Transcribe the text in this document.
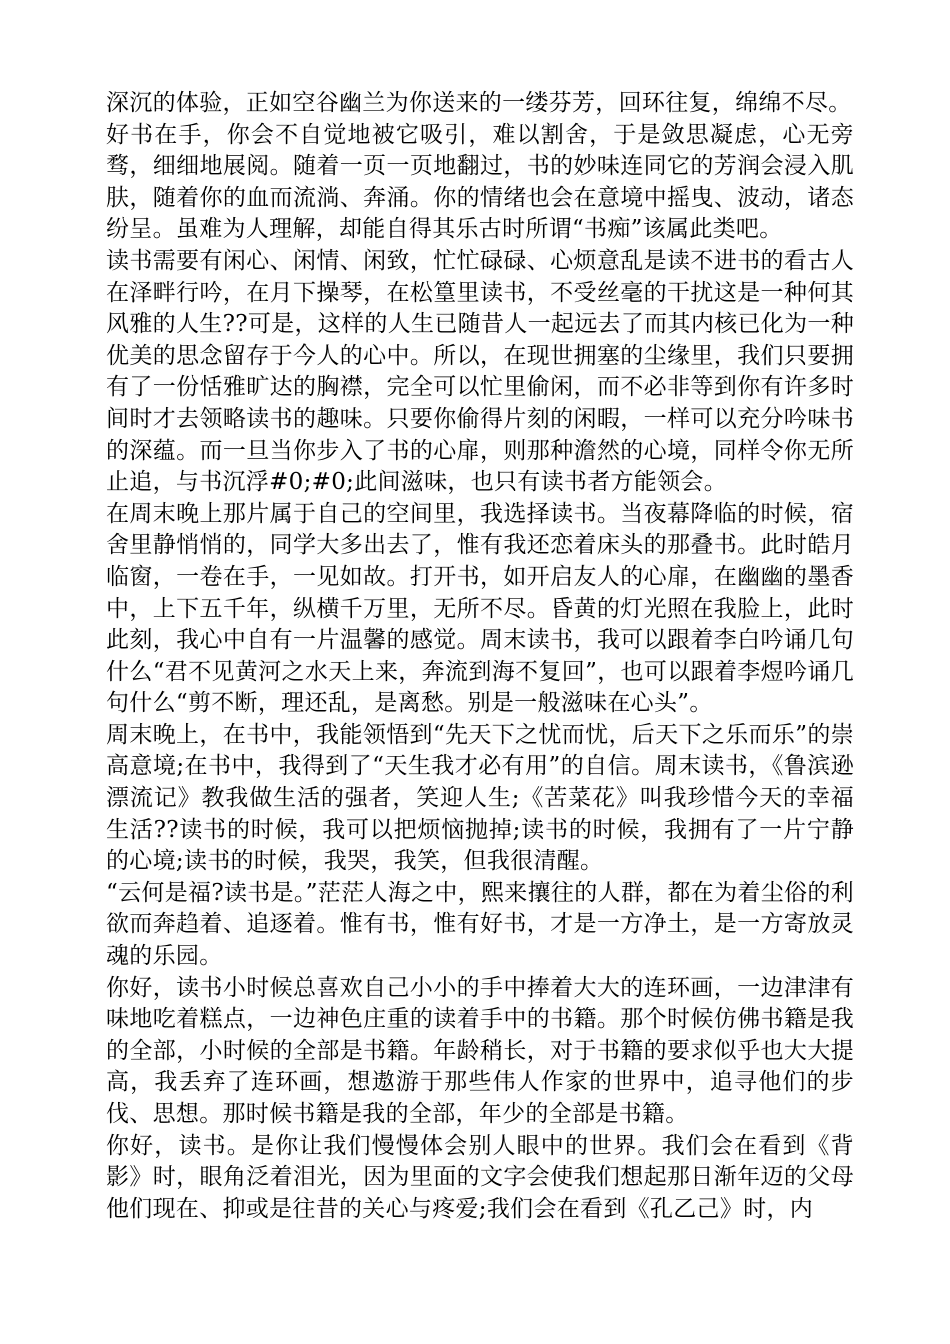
深沉的体验，正如空谷幽兰为你送来的一缕芬芳，回环往复，绵绵不尽。

好书在手，你会不自觉地被它吸引，难以割舍，于是敛思凝虑，心无旁骛，细细地展阅。随着一页一页地翻过，书的妙味连同它的芳润会浸入肌肤，随着你的血而流淌、奔涌。你的情绪也会在意境中摇曳、波动，诸态纷呈。虽难为人理解，却能自得其乐古时所谓“书痴”该属此类吧。

读书需要有闲心、闲情、闲致，忙忙碌碌、心烦意乱是读不进书的看古人在泽畔行吟，在月下操琴，在松篁里读书，不受丝毫的干扰这是一种何其风雅的人生??可是，这样的人生已随昔人一起远去了而其内核已化为一种优美的思念留存于今人的心中。所以，在现世拥塞的尘缘里，我们只要拥有了一份恬雅旷达的胸襟，完全可以忙里偷闲，而不必非等到你有许多时间时才去领略读书的趣味。只要你偷得片刻的闲暇，一样可以充分吟味书的深蕴。而一旦当你步入了书的心扉，则那种澹然的心境，同样令你无所止追，与书沉浮#0;#0;此间滋味，也只有读书者方能领会。

在周末晚上那片属于自己的空间里，我选择读书。当夜幕降临的时候，宿舍里静悄悄的，同学大多出去了，惟有我还恋着床头的那叠书。此时皓月临窗，一卷在手，一见如故。打开书，如开启友人的心扉，在幽幽的墨香中，上下五千年，纵横千万里，无所不尽。昏黄的灯光照在我脸上，此时此刻，我心中自有一片温馨的感觉。周末读书，我可以跟着李白吟诵几句什么“君不见黄河之水天上来，奔流到海不复回”，也可以跟着李煜吟诵几句什么“剪不断，理还乱，是离愁。别是一般滋味在心头”。

周末晚上，在书中，我能领悟到“先天下之忧而忧，后天下之乐而乐”的崇高意境;在书中，我得到了“天生我才必有用”的自信。周末读书，《鲁滨逊漂流记》教我做生活的强者，笑迎人生;《苦菜花》叫我珍惜今天的幸福生活??读书的时候，我可以把烦恼抛掉;读书的时候，我拥有了一片宁静的心境;读书的时候，我哭，我笑，但我很清醒。

“云何是福?读书是。”茫茫人海之中，熙来攘往的人群，都在为着尘俗的利欲而奔趋着、追逐着。惟有书，惟有好书，才是一方净土，是一方寄放灵魂的乐园。

你好，读书小时候总喜欢自己小小的手中捧着大大的连环画，一边津津有味地吃着糕点，一边神色庄重的读着手中的书籍。那个时候仿佛书籍是我的全部，小时候的全部是书籍。年龄稍长，对于书籍的要求似乎也大大提高，我丢弃了连环画，想遨游于那些伟人作家的世界中，追寻他们的步伐、思想。那时候书籍是我的全部，年少的全部是书籍。

你好，读书。是你让我们慢慢体会别人眼中的世界。我们会在看到《背影》时，眼角泛着泪光，因为里面的文字会使我们想起那日渐年迈的父母他们现在、抑或是往昔的关心与疼爱;我们会在看到《孔乙己》时，内
